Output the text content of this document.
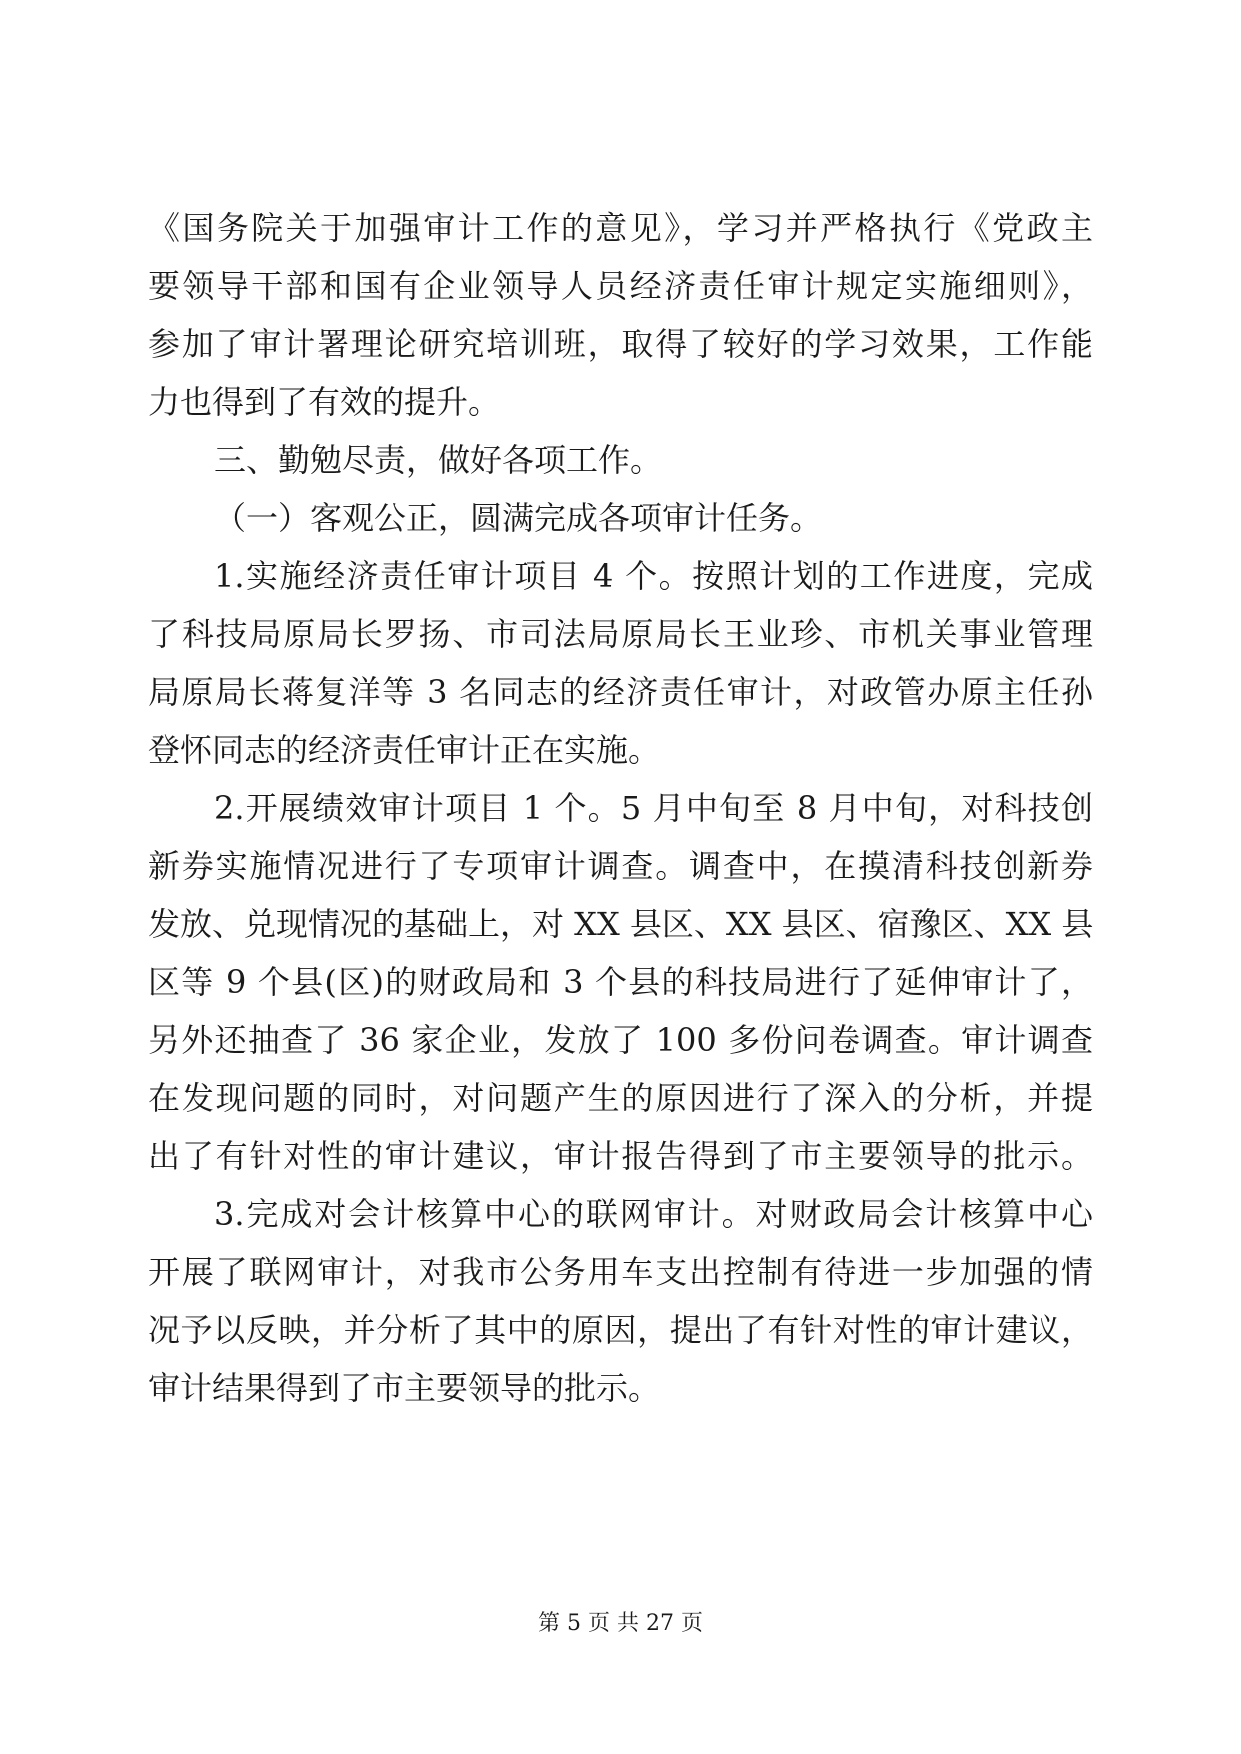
《国务院关于加强审计工作的意见》，学习并严格执行《党政主
要领导干部和国有企业领导人员经济责任审计规定实施细则》，
参加了审计署理论研究培训班，取得了较好的学习效果，工作能
力也得到了有效的提升。
三、勤勉尽责，做好各项工作。
（一）客观公正，圆满完成各项审计任务。
1.实施经济责任审计项目 4 个。按照计划的工作进度，完成
了科技局原局长罗扬、市司法局原局长王业珍、市机关事业管理
局原局长蒋复洋等 3 名同志的经济责任审计，对政管办原主任孙
登怀同志的经济责任审计正在实施。
2.开展绩效审计项目 1 个。5 月中旬至 8 月中旬，对科技创
新券实施情况进行了专项审计调查。调查中，在摸清科技创新券
发放、兑现情况的基础上，对 XX 县区、XX 县区、宿豫区、XX 县
区等 9 个县(区)的财政局和 3 个县的科技局进行了延伸审计了，
另外还抽查了 36 家企业，发放了 100 多份问卷调查。审计调查
在发现问题的同时，对问题产生的原因进行了深入的分析，并提
出了有针对性的审计建议，审计报告得到了市主要领导的批示。
3.完成对会计核算中心的联网审计。对财政局会计核算中心
开展了联网审计，对我市公务用车支出控制有待进一步加强的情
况予以反映，并分析了其中的原因，提出了有针对性的审计建议，
审计结果得到了市主要领导的批示。
第 5 页 共 27 页
